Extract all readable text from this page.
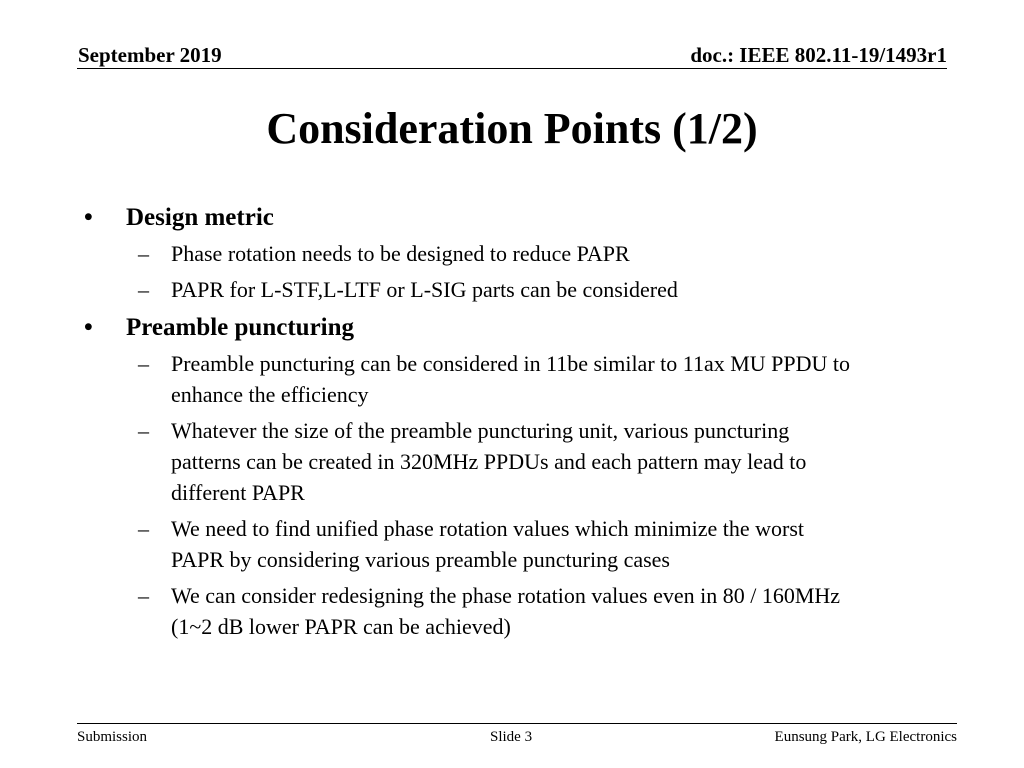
September 2019	doc.: IEEE 802.11-19/1493r1
Consideration Points (1/2)
• Design metric
– Phase rotation needs to be designed to reduce PAPR
– PAPR for L-STF,L-LTF or L-SIG parts can be considered
• Preamble puncturing
– Preamble puncturing can be considered in 11be similar to 11ax MU PPDU to enhance the efficiency
– Whatever the size of the preamble puncturing unit, various puncturing patterns can be created in 320MHz PPDUs and each pattern may lead to different PAPR
– We need to find unified phase rotation values which minimize the worst PAPR by considering various preamble puncturing cases
– We can consider redesigning the phase rotation values even in 80 / 160MHz (1~2 dB lower PAPR can be achieved)
Submission	Slide 3	Eunsung Park, LG Electronics
